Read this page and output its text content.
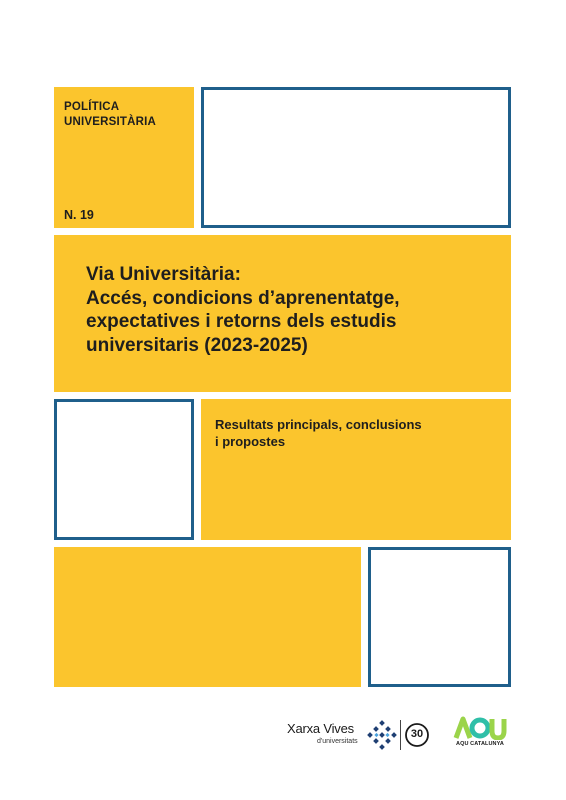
POLÍTICA
UNIVERSITÀRIA
N. 19
Via Universitària:
Accés, condicions d’aprenentatge,
expectatives i retorns dels estudis
universitaris (2023-2025)
Resultats principals, conclusions
i propostes
Xarxa Vives
d'universitats
30
AQU CATALUNYA
